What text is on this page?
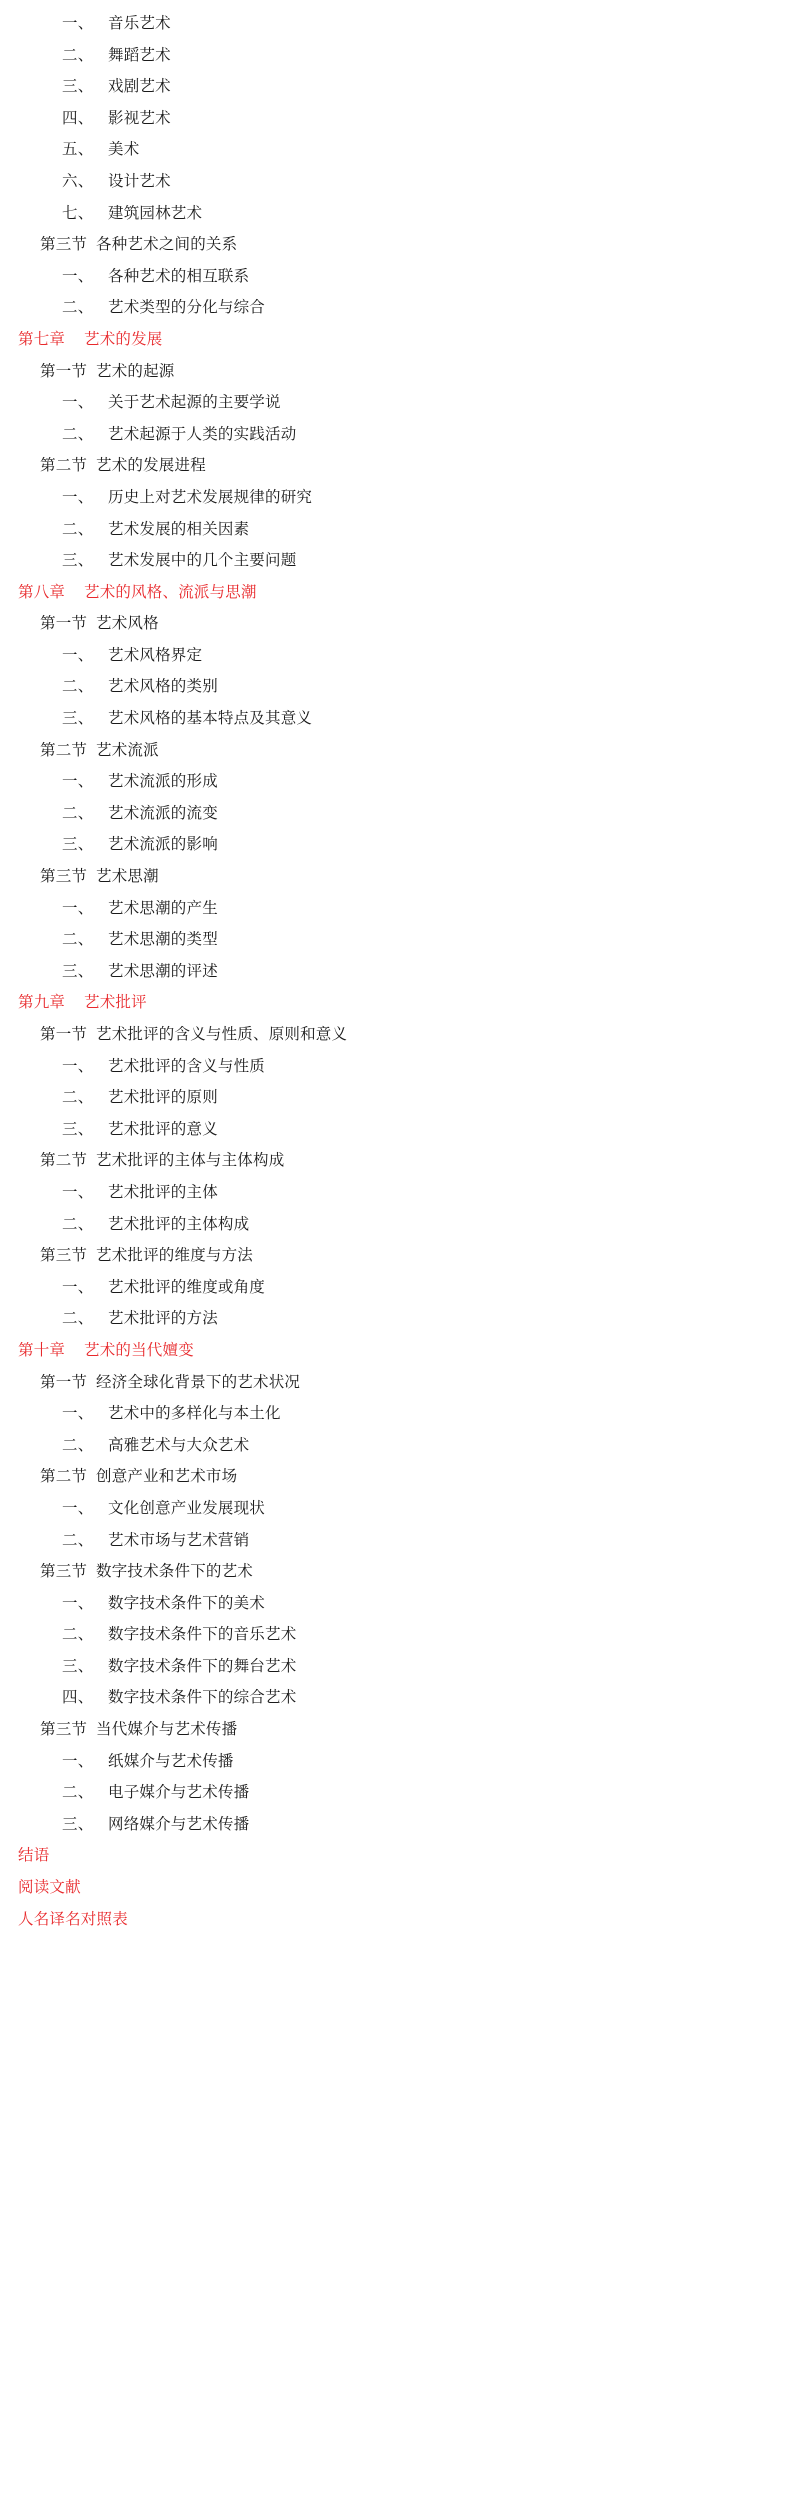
一、 音乐艺术
二、 舞蹈艺术
三、 戏剧艺术
四、 影视艺术
五、 美术
六、 设计艺术
七、 建筑园林艺术
第三节 各种艺术之间的关系
一、 各种艺术的相互联系
二、 艺术类型的分化与综合
第七章 艺术的发展
第一节 艺术的起源
一、 关于艺术起源的主要学说
二、 艺术起源于人类的实践活动
第二节 艺术的发展进程
一、 历史上对艺术发展规律的研究
二、 艺术发展的相关因素
三、 艺术发展中的几个主要问题
第八章 艺术的风格、流派与思潮
第一节 艺术风格
一、 艺术风格界定
二、 艺术风格的类别
三、 艺术风格的基本特点及其意义
第二节 艺术流派
一、 艺术流派的形成
二、 艺术流派的流变
三、 艺术流派的影响
第三节 艺术思潮
一、 艺术思潮的产生
二、 艺术思潮的类型
三、 艺术思潮的评述
第九章 艺术批评
第一节 艺术批评的含义与性质、原则和意义
一、 艺术批评的含义与性质
二、 艺术批评的原则
三、 艺术批评的意义
第二节 艺术批评的主体与主体构成
一、 艺术批评的主体
二、 艺术批评的主体构成
第三节 艺术批评的维度与方法
一、 艺术批评的维度或角度
二、 艺术批评的方法
第十章 艺术的当代嬗变
第一节 经济全球化背景下的艺术状况
一、 艺术中的多样化与本土化
二、 高雅艺术与大众艺术
第二节 创意产业和艺术市场
一、 文化创意产业发展现状
二、 艺术市场与艺术营销
第三节 数字技术条件下的艺术
一、 数字技术条件下的美术
二、 数字技术条件下的音乐艺术
三、 数字技术条件下的舞台艺术
四、 数字技术条件下的综合艺术
第三节 当代媒介与艺术传播
一、 纸媒介与艺术传播
二、 电子媒介与艺术传播
三、 网络媒介与艺术传播
结语
阅读文献
人名译名对照表
